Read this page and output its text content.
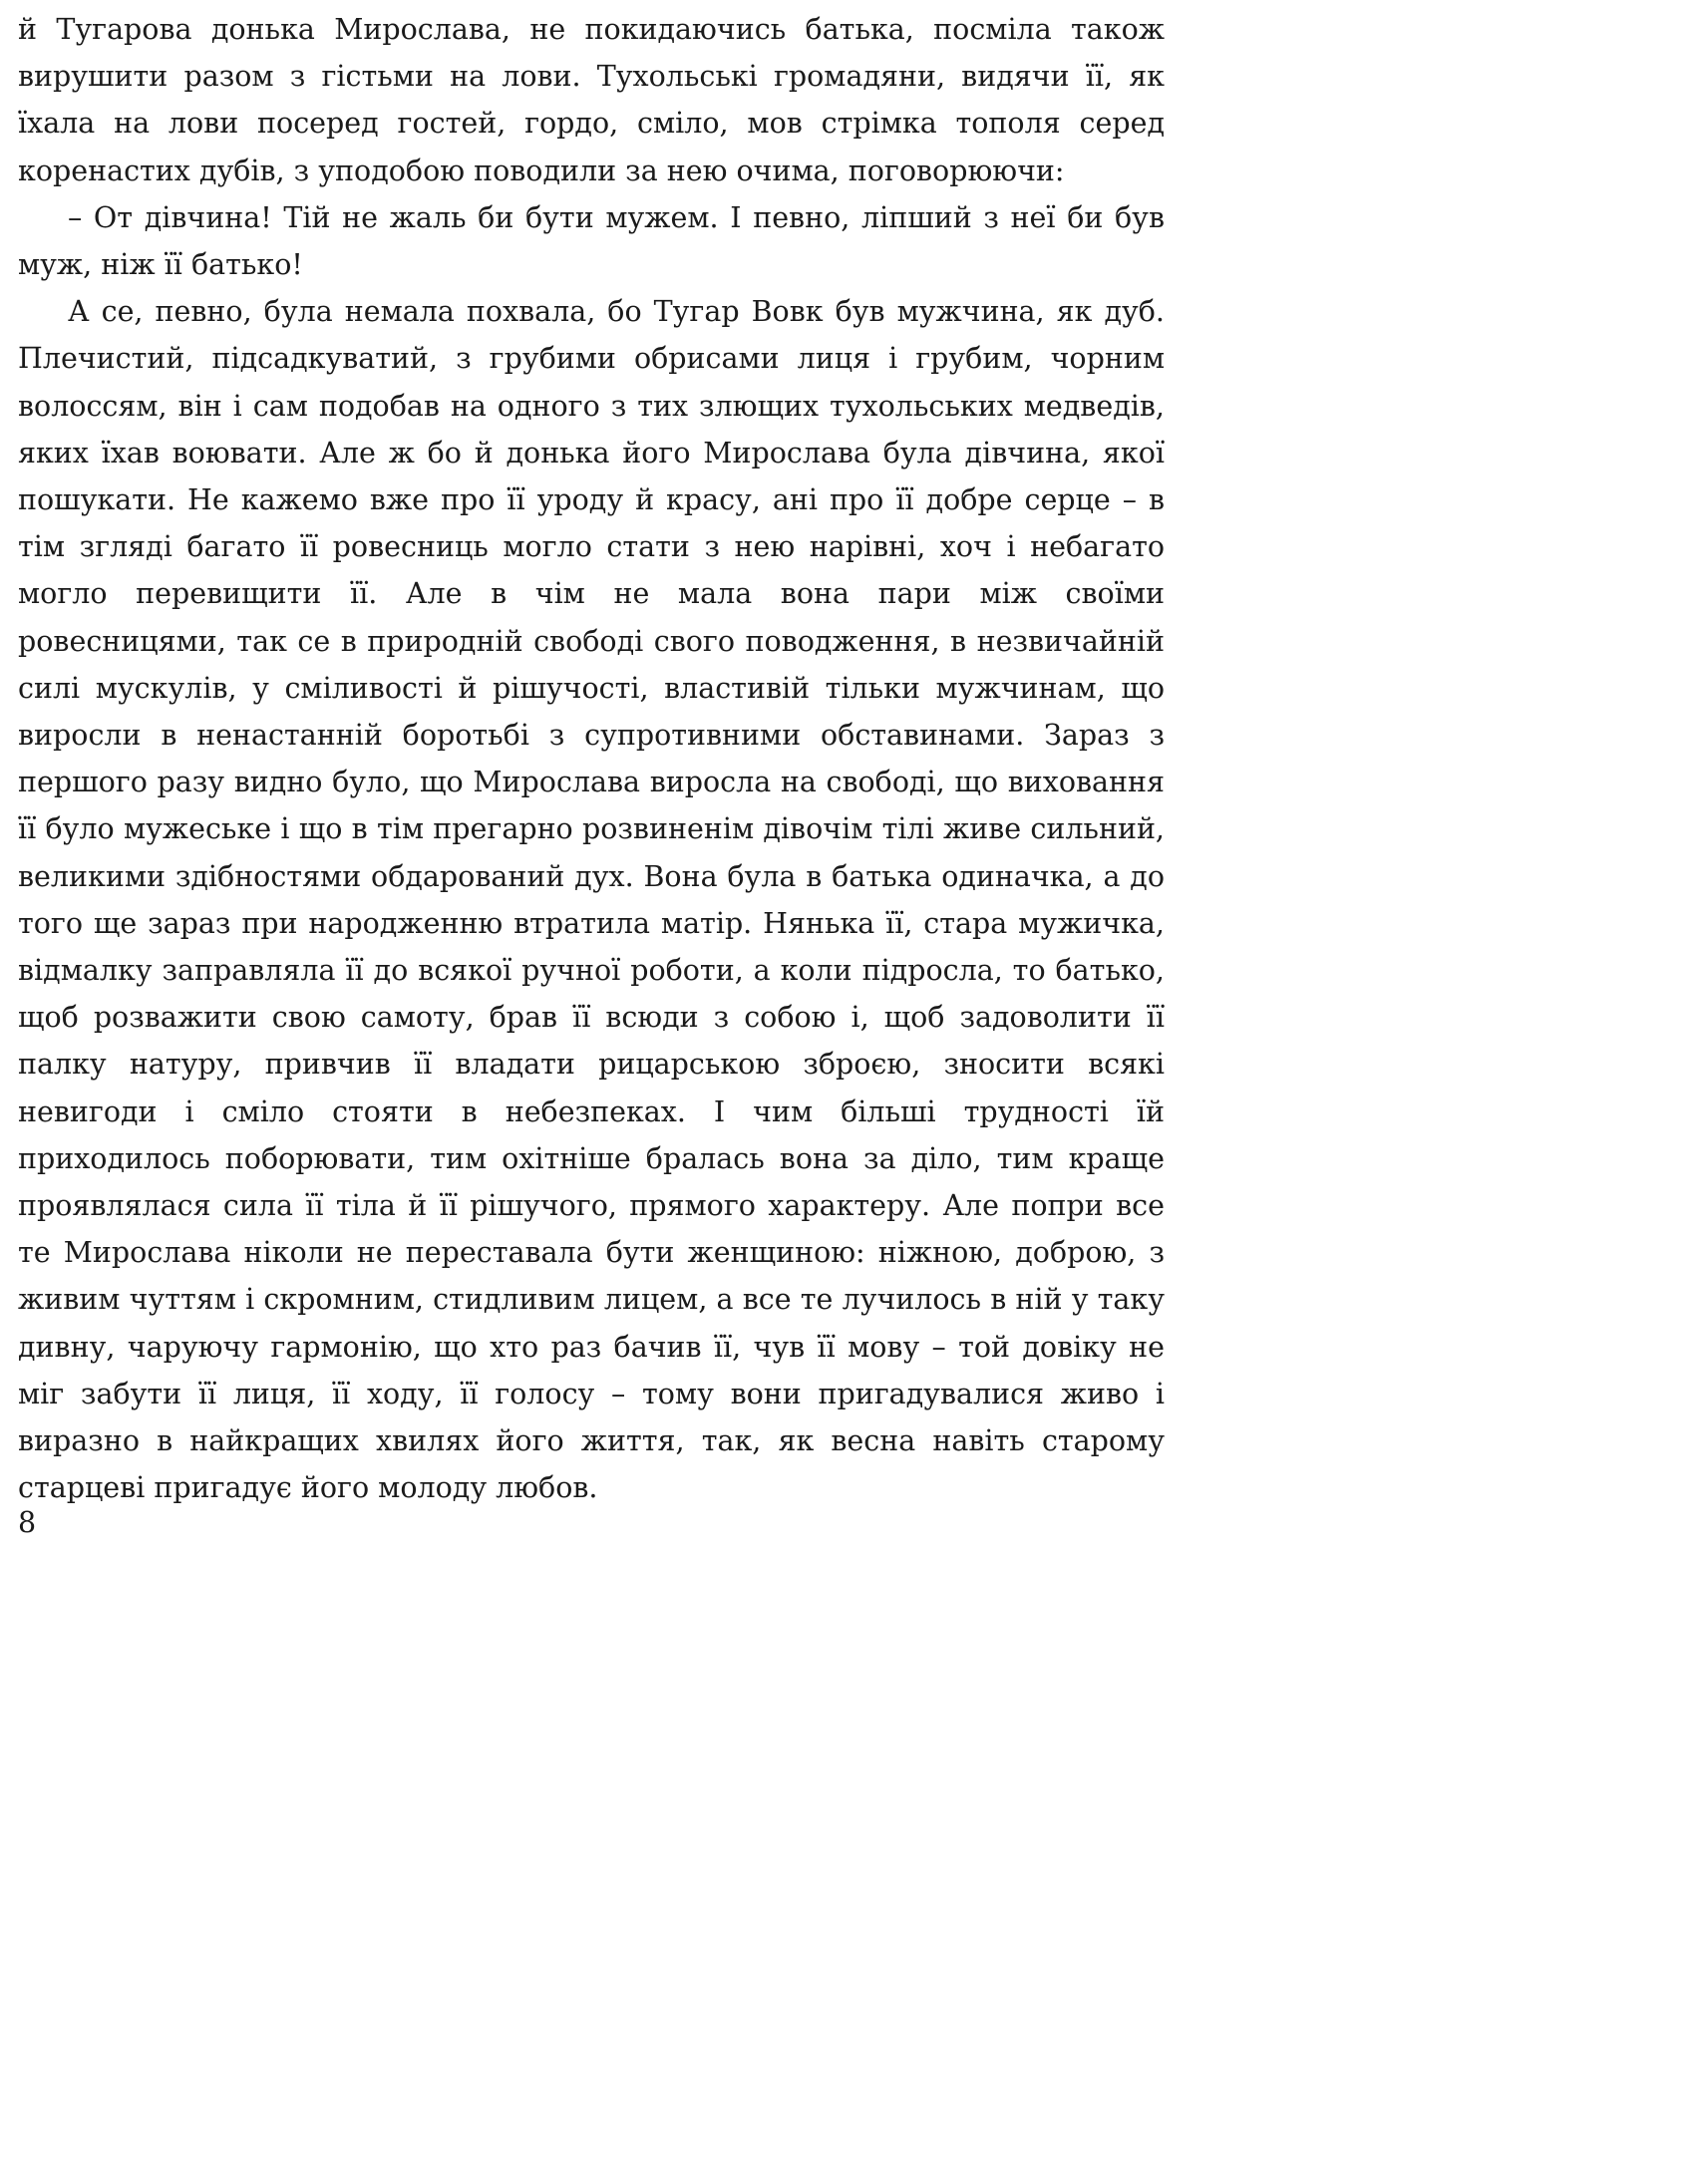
й Тугарова донька Мирослава, не покидаючись батька, посміла також вирушити разом з гістьми на лови. Тухольські громадяни, видячи її, як їхала на лови посеред гостей, гордо, сміло, мов стрімка тополя серед коренастих дубів, з уподобою поводили за нею очима, поговорюючи:

– От дівчина! Тій не жаль би бути мужем. І певно, ліпший з неї би був муж, ніж її батько!

А се, певно, була немала похвала, бо Тугар Вовк був мужчина, як дуб. Плечистий, підсадкуватий, з грубими обрисами лиця і грубим, чорним волоссям, він і сам подобав на одного з тих злющих тухольських медведів, яких їхав воювати. Але ж бо й донька його Мирослава була дівчина, якої пошукати. Не кажемо вже про її уроду й красу, ані про її добре серце – в тім згляді багато її ровесниць могло стати з нею нарівні, хоч і небагато могло перевищити її. Але в чім не мала вона пари між своїми ровесницями, так се в природній свободі свого поводження, в незвичайній силі мускулів, у сміливості й рішучості, властивій тільки мужчинам, що виросли в ненастанній боротьбі з супротивними обставинами. Зараз з першого разу видно було, що Мирослава виросла на свободі, що виховання її було мужеське і що в тім прегарно розвиненім дівочім тілі живе сильний, великими здібностями обдарований дух. Вона була в батька одиначка, а до того ще зараз при народженню втратила матір. Нянька її, стара мужичка, відмалку заправляла її до всякої ручної роботи, а коли підросла, то батько, щоб розважити свою самоту, брав її всюди з собою і, щоб задоволити її палку натуру, привчив її владати рицарською зброєю, зносити всякі невигоди і сміло стояти в небезпеках. І чим більші трудності їй приходилось поборювати, тим охітніше бралась вона за діло, тим краще проявлялася сила її тіла й її рішучого, прямого характеру. Але попри все те Мирослава ніколи не переставала бути женщиною: ніжною, доброю, з живим чуттям і скромним, стидливим лицем, а все те лучилось в ній у таку дивну, чаруючу гармонію, що хто раз бачив її, чув її мову – той довіку не міг забути її лиця, її ходу, її голосу – тому вони пригадувалися живо і виразно в найкращих хвилях його життя, так, як весна навіть старому старцеві пригадує його молоду любов.

8
